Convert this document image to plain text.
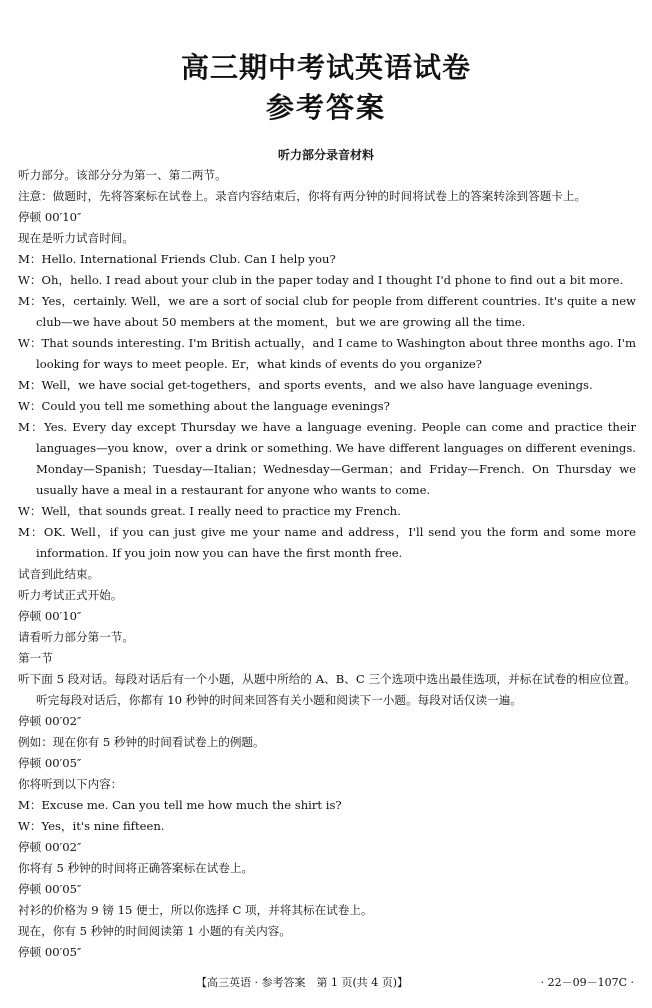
高三期中考试英语试卷
参考答案
听力部分录音材料
听力部分。该部分分为第一、第二两节。
注意：做题时，先将答案标在试卷上。录音内容结束后，你将有两分钟的时间将试卷上的答案转涂到答题卡上。
停顿 00′10″
现在是听力试音时间。
M：Hello. International Friends Club. Can I help you?
W：Oh，hello. I read about your club in the paper today and I thought I'd phone to find out a bit more.
M：Yes，certainly. Well，we are a sort of social club for people from different countries. It's quite a new club—we have about 50 members at the moment，but we are growing all the time.
W：That sounds interesting. I'm British actually，and I came to Washington about three months ago. I'm looking for ways to meet people. Er，what kinds of events do you organize?
M：Well，we have social get-togethers，and sports events，and we also have language evenings.
W：Could you tell me something about the language evenings?
M：Yes. Every day except Thursday we have a language evening. People can come and practice their languages—you know，over a drink or something. We have different languages on different evenings. Monday—Spanish；Tuesday—Italian；Wednesday—German；and Friday—French. On Thursday we usually have a meal in a restaurant for anyone who wants to come.
W：Well，that sounds great. I really need to practice my French.
M：OK. Well，if you can just give me your name and address，I'll send you the form and some more information. If you join now you can have the first month free.
试音到此结束。
听力考试正式开始。
停顿 00′10″
请看听力部分第一节。
第一节
听下面 5 段对话。每段对话后有一个小题，从题中所给的 A、B、C 三个选项中选出最佳选项，并标在试卷的相应位置。听完每段对话后，你都有 10 秒钟的时间来回答有关小题和阅读下一小题。每段对话仅读一遍。
停顿 00′02″
例如：现在你有 5 秒钟的时间看试卷上的例题。
停顿 00′05″
你将听到以下内容：
M：Excuse me. Can you tell me how much the shirt is?
W：Yes，it's nine fifteen.
停顿 00′02″
你将有 5 秒钟的时间将正确答案标在试卷上。
停顿 00′05″
衬衫的价格为 9 镑 15 便士，所以你选择 C 项，并将其标在试卷上。
现在，你有 5 秒钟的时间阅读第 1 小题的有关内容。
停顿 00′05″
【高三英语 · 参考答案　第 1 页(共 4 页)】	· 22－09－107C ·
